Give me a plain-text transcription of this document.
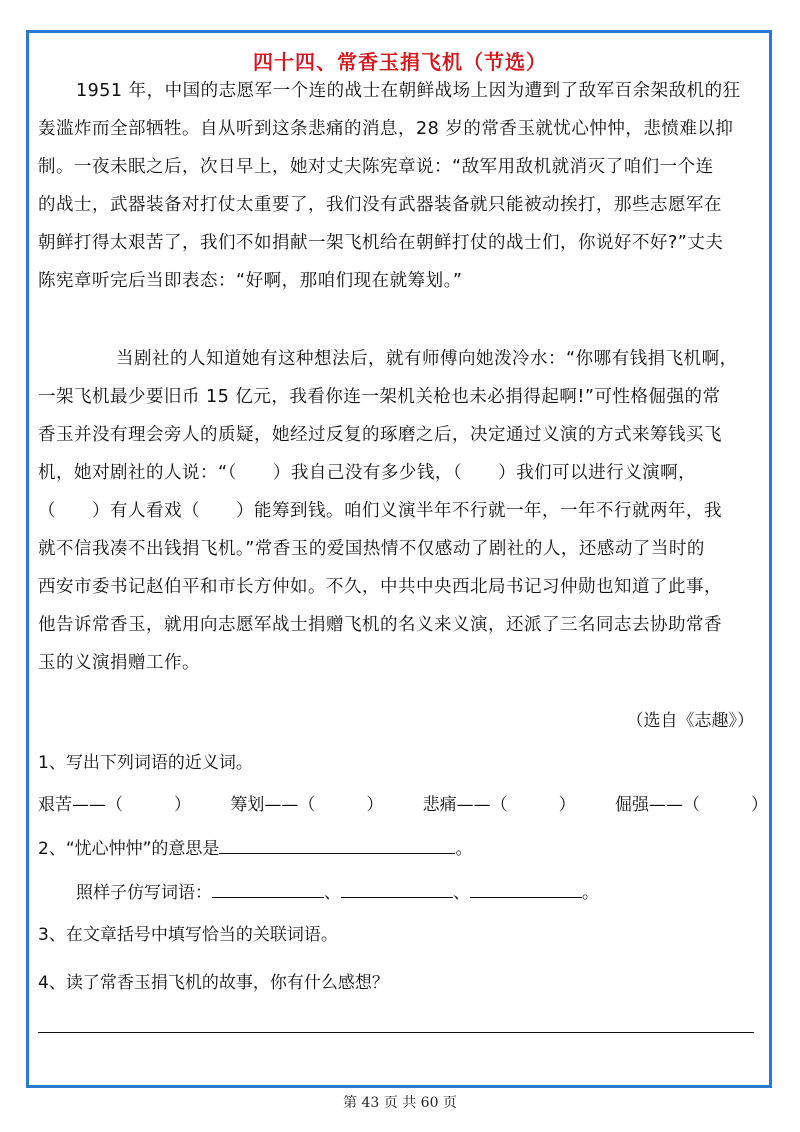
四十四、常香玉捐飞机（节选）

1951 年，中国的志愿军一个连的战士在朝鲜战场上因为遭到了敌军百余架敌机的狂

轰滥炸而全部牺牲。自从听到这条悲痛的消息，28 岁的常香玉就忧心忡忡，悲愤难以抑

制。一夜未眠之后，次日早上，她对丈夫陈宪章说：“敌军用敌机就消灭了咱们一个连

的战士，武器装备对打仗太重要了，我们没有武器装备就只能被动挨打，那些志愿军在

朝鲜打得太艰苦了，我们不如捐献一架飞机给在朝鲜打仗的战士们，你说好不好?”丈夫

陈宪章听完后当即表态：“好啊，那咱们现在就筹划。”

当剧社的人知道她有这种想法后，就有师傅向她泼冷水：“你哪有钱捐飞机啊，

一架飞机最少要旧币 15 亿元，我看你连一架机关枪也未必捐得起啊!”可性格倔强的常

香玉并没有理会旁人的质疑，她经过反复的琢磨之后，决定通过义演的方式来筹钱买飞

机，她对剧社的人说：“（　　）我自己没有多少钱，（　　）我们可以进行义演啊，

（　　）有人看戏（　　）能筹到钱。咱们义演半年不行就一年，一年不行就两年，我

就不信我凑不出钱捐飞机。”常香玉的爱国热情不仅感动了剧社的人，还感动了当时的

西安市委书记赵伯平和市长方仲如。不久，中共中央西北局书记习仲勋也知道了此事，

他告诉常香玉，就用向志愿军战士捐赠飞机的名义来义演，还派了三名同志去协助常香

玉的义演捐赠工作。

（选自《志趣》）
1、写出下列词语的近义词。
艰苦——（　　　） 筹划——（　　　） 悲痛——（　　　） 倔强——（　　　）
2、“忧心忡忡”的意思是	。
照样子仿写词语：	、	、	。
3、在文章括号中填写恰当的关联词语。
4、读了常香玉捐飞机的故事，你有什么感想？
第 43 页 共 60 页
